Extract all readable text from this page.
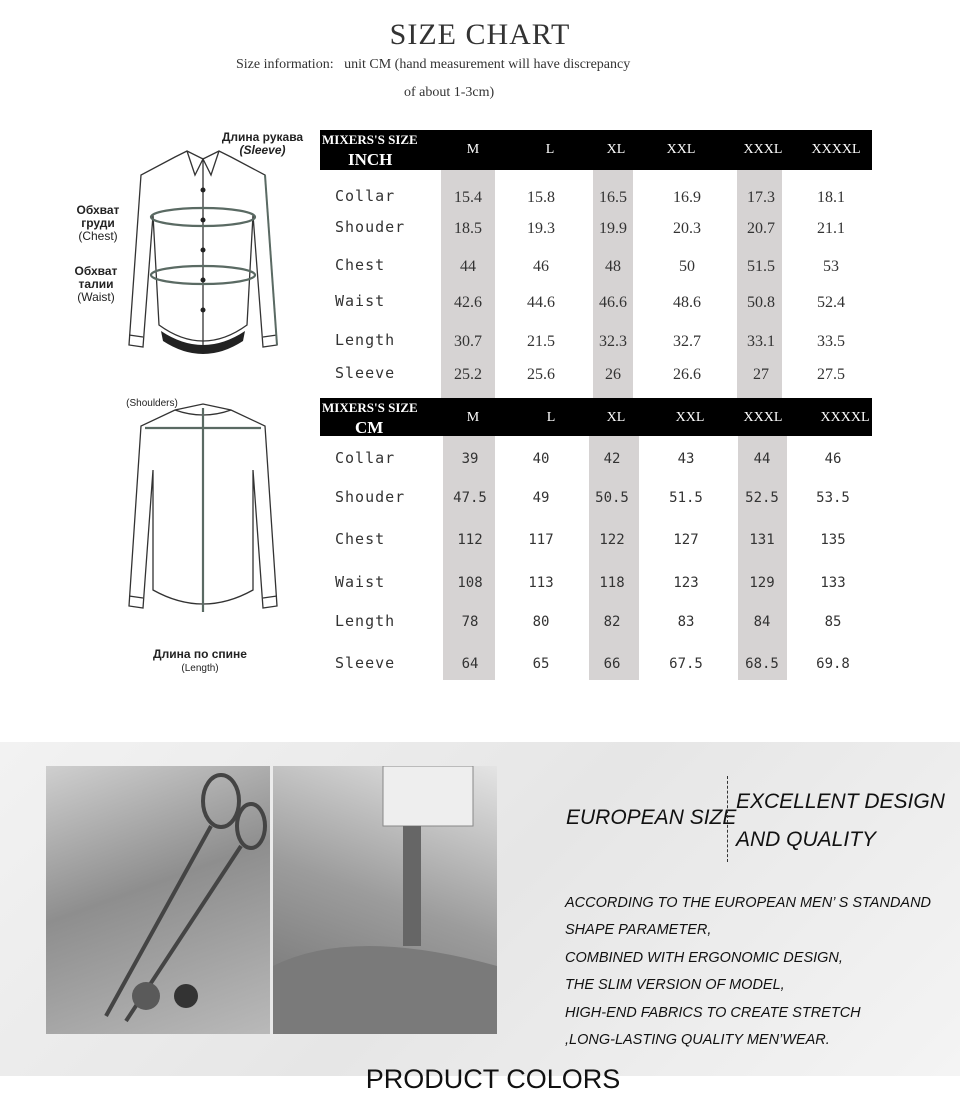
SIZE CHART
Size information:   unit CM (hand measurement will have discrepancy
of about 1-3cm)
Длина рукава
(Sleeve)
Обхват
груди
(Chest)
Обхват
талии
(Waist)
(Shoulders)
Длина по спине
(Length)
MIXERS'S SIZE
INCH
M	L	XL	XXL	XXXL	XXXXL
Collar	15.4	15.8	16.5	16.9	17.3	18.1
Shouder	18.5	19.3	19.9	20.3	20.7	21.1
Chest	44	46	48	50	51.5	53
Waist	42.6	44.6	46.6	48.6	50.8	52.4
Length	30.7	21.5	32.3	32.7	33.1	33.5
Sleeve	25.2	25.6	26	26.6	27	27.5
MIXERS'S SIZE
CM
M	L	XL	XXL	XXXL	XXXXL
Collar	39	40	42	43	44	46
Shouder	47.5	49	50.5	51.5	52.5	53.5
Chest	112	117	122	127	131	135
Waist	108	113	118	123	129	133
Length	78	80	82	83	84	85
Sleeve	64	65	66	67.5	68.5	69.8
EUROPEAN SIZE
EXCELLENT DESIGN
AND QUALITY
ACCORDING TO THE EUROPEAN MEN’ S STANDAND
SHAPE PARAMETER,
COMBINED WITH ERGONOMIC DESIGN,
THE SLIM VERSION OF MODEL,
HIGH-END FABRICS TO CREATE STRETCH
,LONG-LASTING QUALITY MEN’WEAR.
PRODUCT COLORS
